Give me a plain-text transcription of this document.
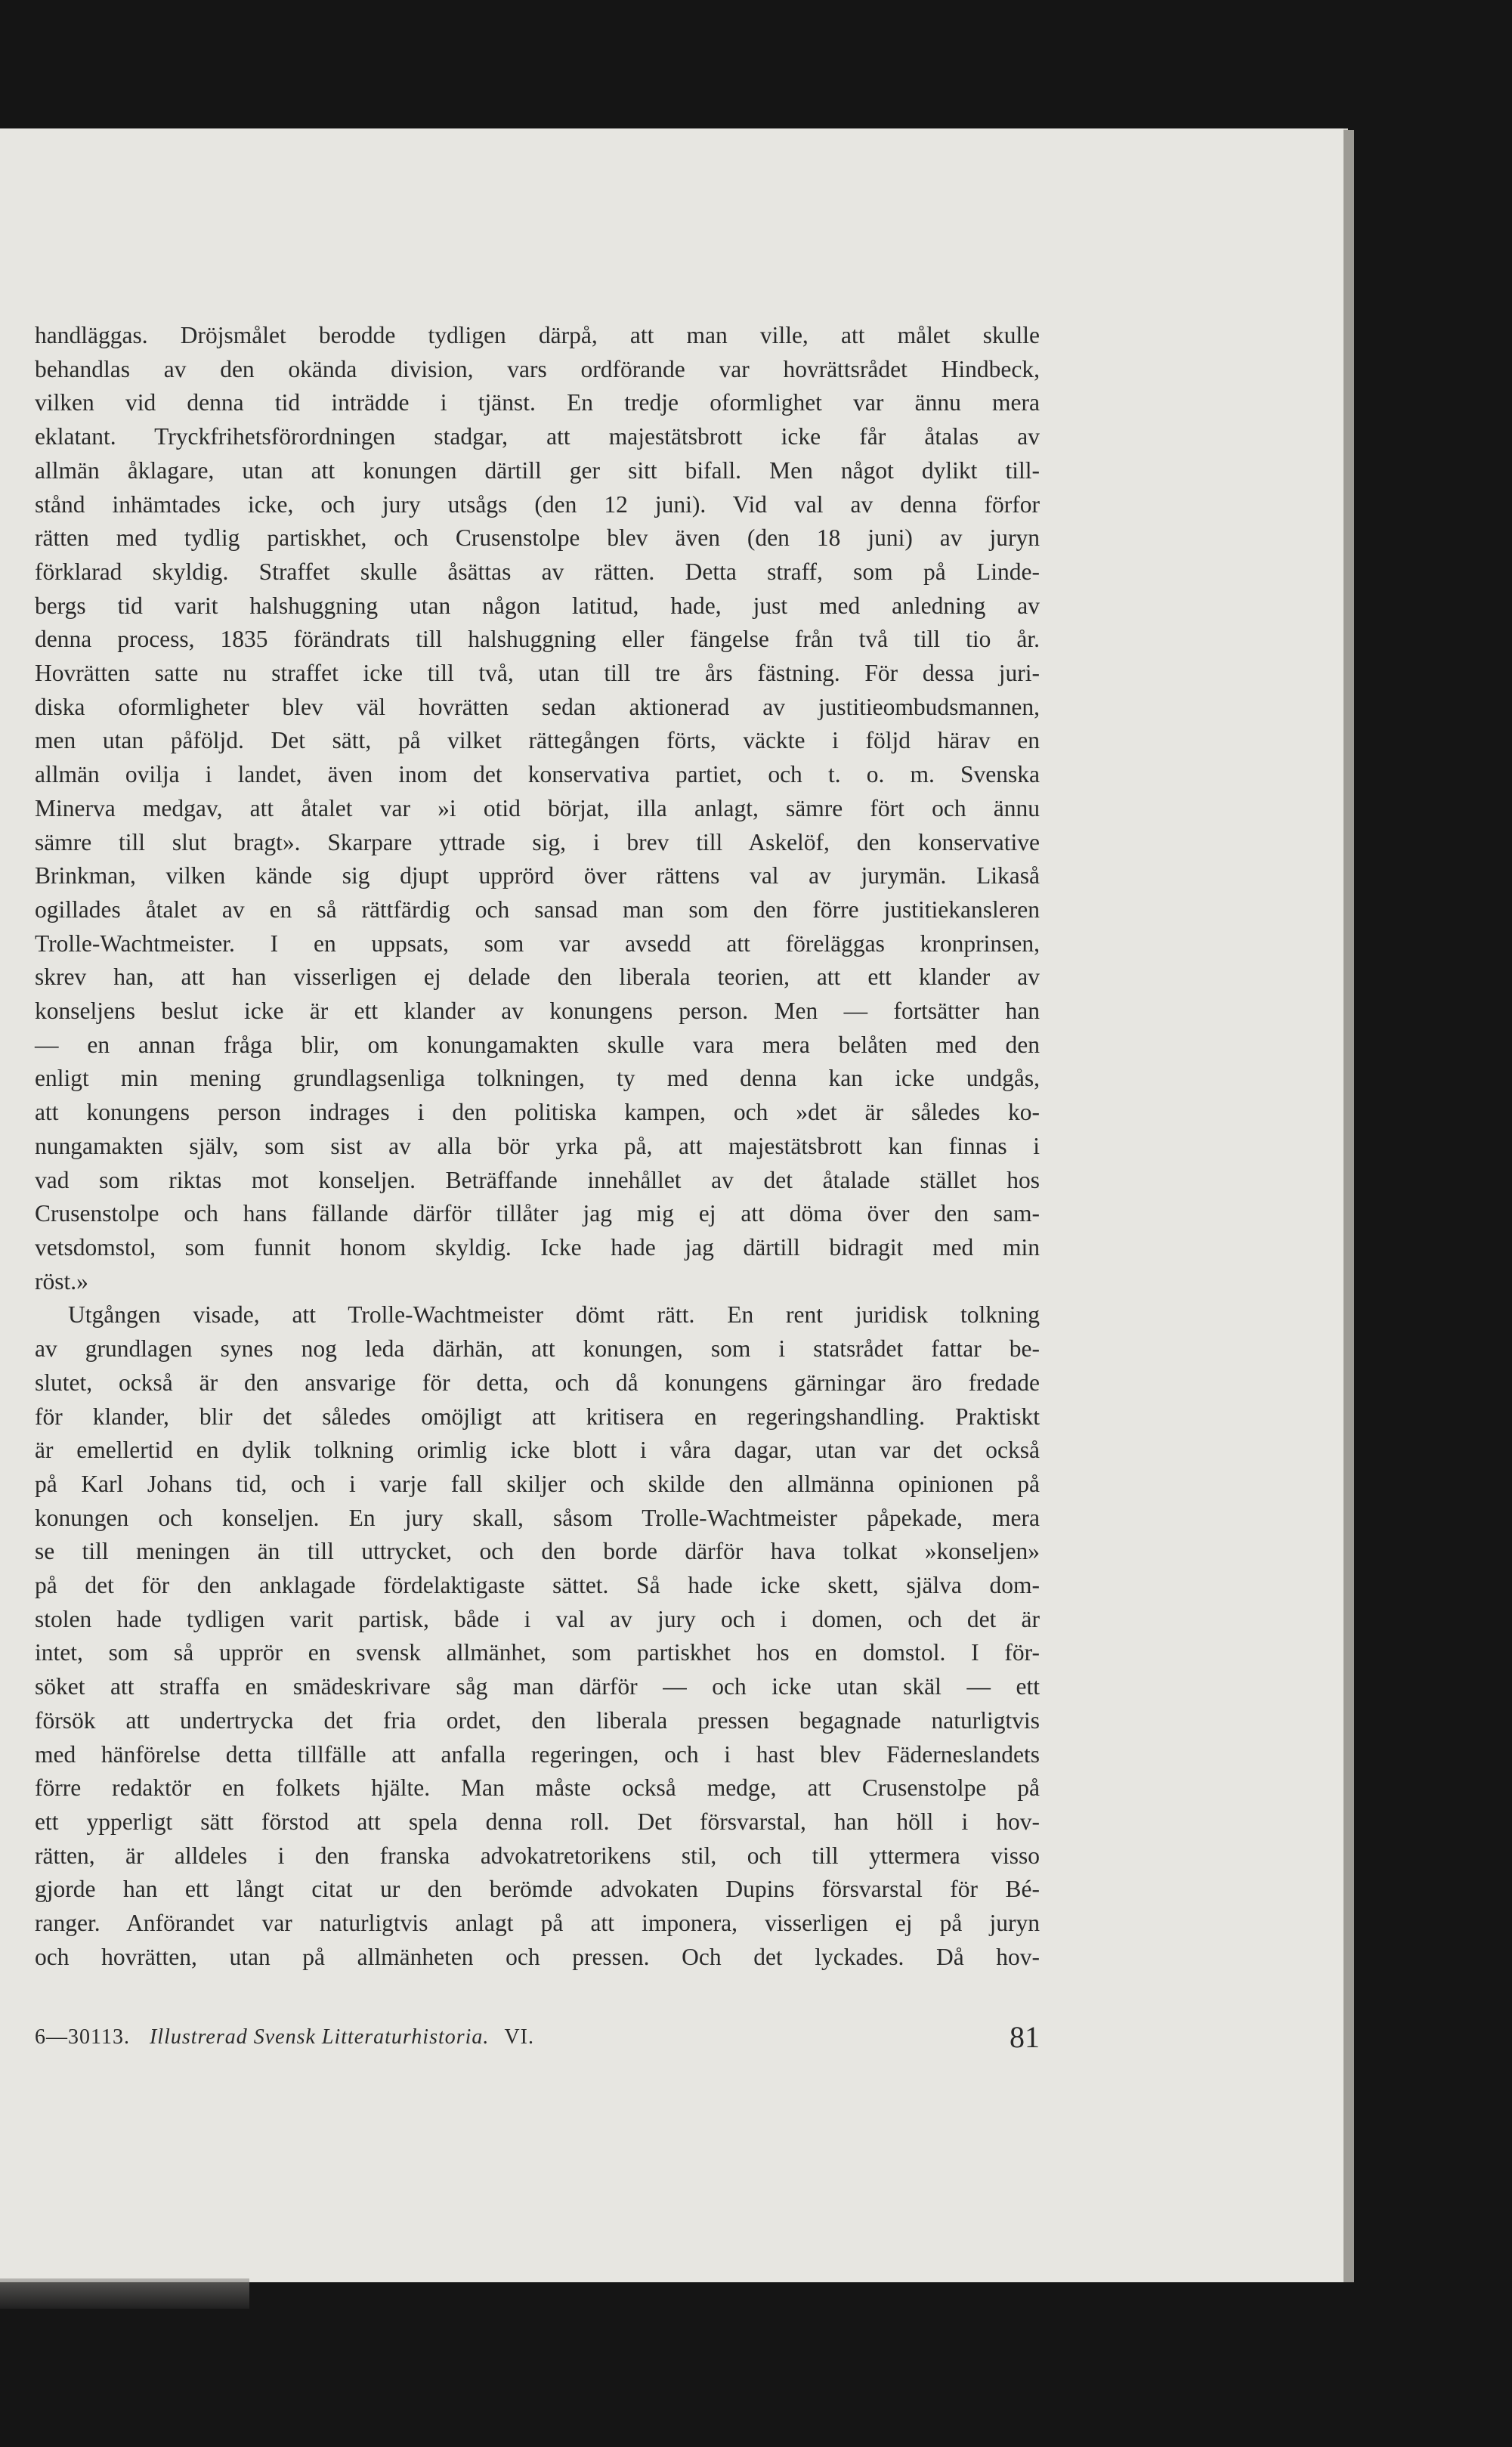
handläggas. Dröjsmålet berodde tydligen därpå, att man ville, att målet skulle
behandlas av den okända division, vars ordförande var hovrättsrådet Hindbeck,
vilken vid denna tid inträdde i tjänst. En tredje oformlighet var ännu mera
eklatant. Tryckfrihetsförordningen stadgar, att majestätsbrott icke får åtalas av
allmän åklagare, utan att konungen därtill ger sitt bifall. Men något dylikt till-
stånd inhämtades icke, och jury utsågs (den 12 juni). Vid val av denna förfor
rätten med tydlig partiskhet, och Crusenstolpe blev även (den 18 juni) av juryn
förklarad skyldig. Straffet skulle åsättas av rätten. Detta straff, som på Linde-
bergs tid varit halshuggning utan någon latitud, hade, just med anledning av
denna process, 1835 förändrats till halshuggning eller fängelse från två till tio år.
Hovrätten satte nu straffet icke till två, utan till tre års fästning. För dessa juri-
diska oformligheter blev väl hovrätten sedan aktionerad av justitieombudsmannen,
men utan påföljd. Det sätt, på vilket rättegången förts, väckte i följd härav en
allmän ovilja i landet, även inom det konservativa partiet, och t. o. m. Svenska
Minerva medgav, att åtalet var »i otid börjat, illa anlagt, sämre fört och ännu
sämre till slut bragt». Skarpare yttrade sig, i brev till Askelöf, den konservative
Brinkman, vilken kände sig djupt upprörd över rättens val av jurymän. Likaså
ogillades åtalet av en så rättfärdig och sansad man som den förre justitiekansleren
Trolle-Wachtmeister. I en uppsats, som var avsedd att föreläggas kronprinsen,
skrev han, att han visserligen ej delade den liberala teorien, att ett klander av
konseljens beslut icke är ett klander av konungens person. Men — fortsätter han
— en annan fråga blir, om konungamakten skulle vara mera belåten med den
enligt min mening grundlagsenliga tolkningen, ty med denna kan icke undgås,
att konungens person indrages i den politiska kampen, och »det är således ko-
nungamakten själv, som sist av alla bör yrka på, att majestätsbrott kan finnas i
vad som riktas mot konseljen. Beträffande innehållet av det åtalade stället hos
Crusenstolpe och hans fällande därför tillåter jag mig ej att döma över den sam-
vetsdomstol, som funnit honom skyldig. Icke hade jag därtill bidragit med min
röst.»
Utgången visade, att Trolle-Wachtmeister dömt rätt. En rent juridisk tolkning
av grundlagen synes nog leda därhän, att konungen, som i statsrådet fattar be-
slutet, också är den ansvarige för detta, och då konungens gärningar äro fredade
för klander, blir det således omöjligt att kritisera en regeringshandling. Praktiskt
är emellertid en dylik tolkning orimlig icke blott i våra dagar, utan var det också
på Karl Johans tid, och i varje fall skiljer och skilde den allmänna opinionen på
konungen och konseljen. En jury skall, såsom Trolle-Wachtmeister påpekade, mera
se till meningen än till uttrycket, och den borde därför hava tolkat »konseljen»
på det för den anklagade fördelaktigaste sättet. Så hade icke skett, själva dom-
stolen hade tydligen varit partisk, både i val av jury och i domen, och det är
intet, som så upprör en svensk allmänhet, som partiskhet hos en domstol. I för-
söket att straffa en smädeskrivare såg man därför — och icke utan skäl — ett
försök att undertrycka det fria ordet, den liberala pressen begagnade naturligtvis
med hänförelse detta tillfälle att anfalla regeringen, och i hast blev Fäderneslandets
förre redaktör en folkets hjälte. Man måste också medge, att Crusenstolpe på
ett ypperligt sätt förstod att spela denna roll. Det försvarstal, han höll i hov-
rätten, är alldeles i den franska advokatretorikens stil, och till yttermera visso
gjorde han ett långt citat ur den berömde advokaten Dupins försvarstal för Bé-
ranger. Anförandet var naturligtvis anlagt på att imponera, visserligen ej på juryn
och hovrätten, utan på allmänheten och pressen. Och det lyckades. Då hov-
6—30113. Illustrerad Svensk Litteraturhistoria. VI.	81
